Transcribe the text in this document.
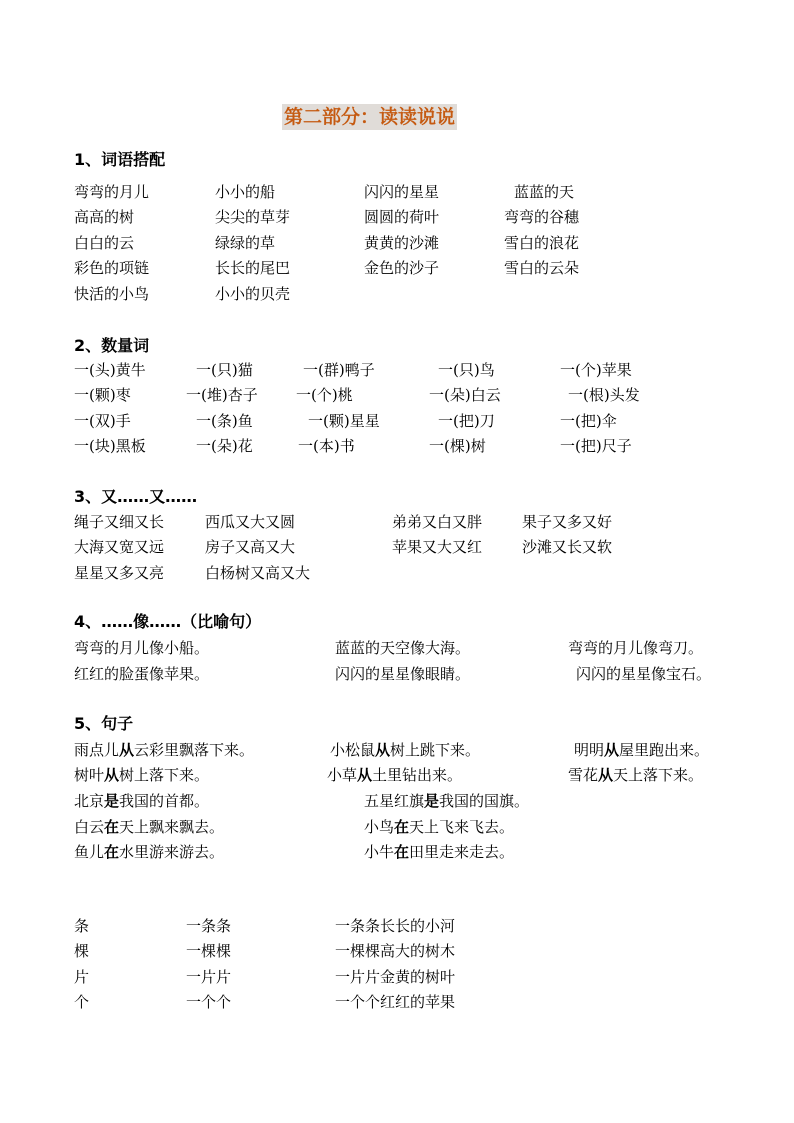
第二部分：读读说说
1、词语搭配
弯弯的月儿	小小的船	闪闪的星星	蓝蓝的天
高高的树	尖尖的草芽	圆圆的荷叶	弯弯的谷穗
白白的云	绿绿的草	黄黄的沙滩	雪白的浪花
彩色的项链	长长的尾巴	金色的沙子	雪白的云朵
快活的小鸟	小小的贝壳
2、数量词
一(头)黄牛	一(只)猫	一(群)鸭子	一(只)鸟	一(个)苹果
一(颗)枣	一(堆)杏子	一(个)桃	一(朵)白云	一(根)头发
一(双)手	一(条)鱼	一(颗)星星	一(把)刀	一(把)伞
一(块)黑板	一(朵)花	一(本)书	一(棵)树	一(把)尺子
3、又……又……
绳子又细又长	西瓜又大又圆	弟弟又白又胖	果子又多又好
大海又宽又远	房子又高又大	苹果又大又红	沙滩又长又软
星星又多又亮	白杨树又高又大
4、……像……（比喻句）
弯弯的月儿像小船。	蓝蓝的天空像大海。	弯弯的月儿像弯刀。
红红的脸蛋像苹果。	闪闪的星星像眼睛。	闪闪的星星像宝石。
5、句子
雨点儿从云彩里飘落下来。	小松鼠从树上跳下来。	明明从屋里跑出来。
树叶从树上落下来。	小草从土里钻出来。	雪花从天上落下来。
北京是我国的首都。	五星红旗是我国的国旗。
白云在天上飘来飘去。	小鸟在天上飞来飞去。
鱼儿在水里游来游去。	小牛在田里走来走去。
条	一条条	一条条长长的小河
棵	一棵棵	一棵棵高大的树木
片	一片片	一片片金黄的树叶
个	一个个	一个个红红的苹果
